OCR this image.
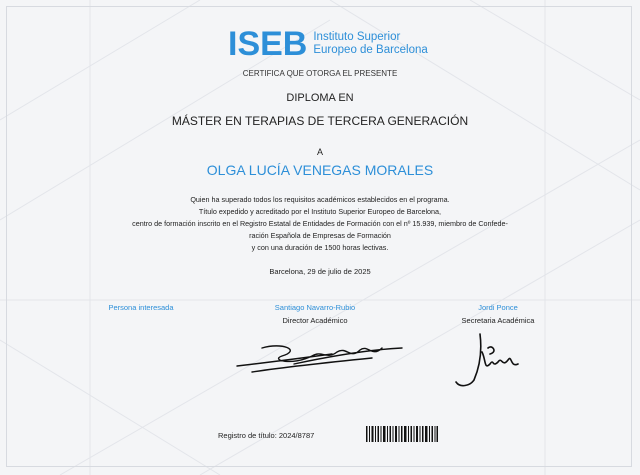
ISEB Instituto Superior
Europeo de Barcelona
CERTIFICA QUE OTORGA EL PRESENTE
DIPLOMA EN
MÁSTER EN TERAPIAS DE TERCERA GENERACIÓN
A
OLGA LUCÍA VENEGAS MORALES
Quien ha superado todos los requisitos académicos establecidos en el programa.
Título expedido y acreditado por el Instituto Superior Europeo de Barcelona,
centro de formación inscrito en el Registro Estatal de Entidades de Formación con el nº 15.939, miembro de Confede-
ración Española de Empresas de Formación
y con una duración de 1500 horas lectivas.
Barcelona, 29 de julio de 2025
Persona interesada	Santiago Navarro-Rubio
Director Académico
Jordi Ponce
Secretaria Académica
Registro de título: 2024/8787
